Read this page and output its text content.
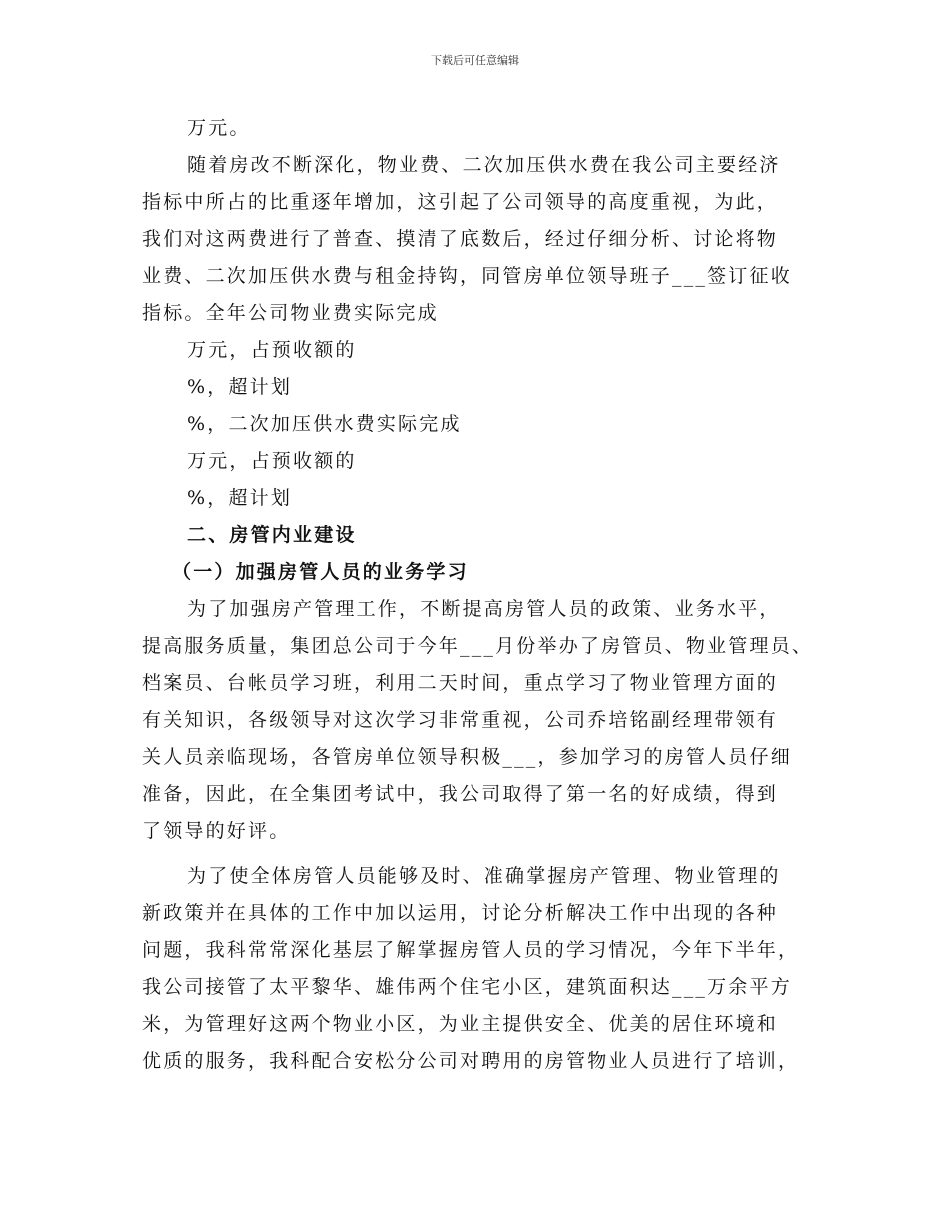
下载后可任意编辑
万元。
随着房改不断深化，物业费、二次加压供水费在我公司主要经济
指标中所占的比重逐年增加，这引起了公司领导的高度重视，为此，
我们对这两费进行了普查、摸清了底数后，经过仔细分析、讨论将物
业费、二次加压供水费与租金持钩，同管房单位领导班子___签订征收
指标。全年公司物业费实际完成
万元，占预收额的
%，超计划
%，二次加压供水费实际完成
万元，占预收额的
%，超计划
二、房管内业建设
（一）加强房管人员的业务学习
为了加强房产管理工作，不断提高房管人员的政策、业务水平，
提高服务质量，集团总公司于今年___月份举办了房管员、物业管理员、
档案员、台帐员学习班，利用二天时间，重点学习了物业管理方面的
有关知识，各级领导对这次学习非常重视，公司乔培铭副经理带领有
关人员亲临现场，各管房单位领导积极___，参加学习的房管人员仔细
准备，因此，在全集团考试中，我公司取得了第一名的好成绩，得到
了领导的好评。
为了使全体房管人员能够及时、准确掌握房产管理、物业管理的
新政策并在具体的工作中加以运用，讨论分析解决工作中出现的各种
问题，我科常常深化基层了解掌握房管人员的学习情况，今年下半年，
我公司接管了太平黎华、雄伟两个住宅小区，建筑面积达___万余平方
米，为管理好这两个物业小区，为业主提供安全、优美的居住环境和
优质的服务，我科配合安松分公司对聘用的房管物业人员进行了培训，
